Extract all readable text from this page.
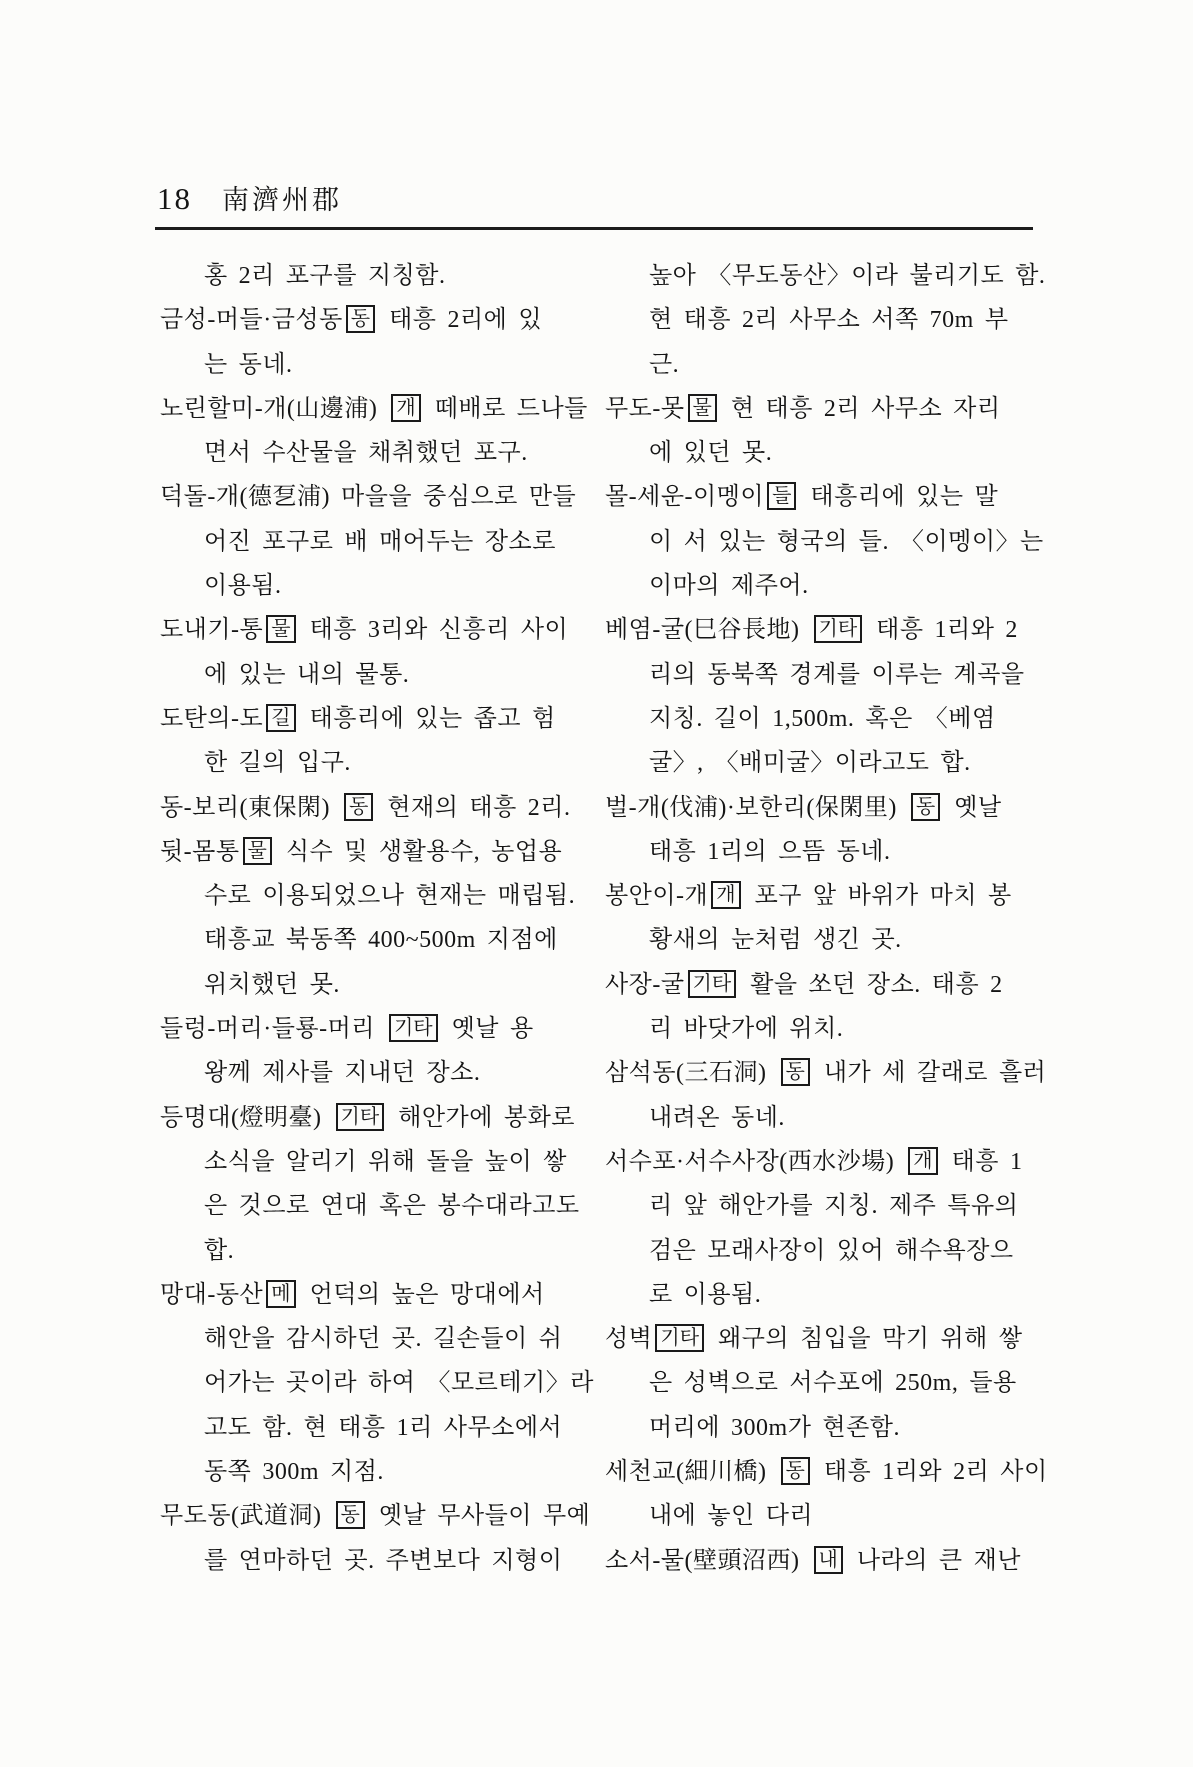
18 南濟州郡
홍 2리 포구를 지칭함.
금성-머들·금성동 동 태흥 2리에 있
는 동네.
노린할미-개(山邊浦) 개 떼배로 드나들
면서 수산물을 채취했던 포구.
덕돌-개(德乭浦) 마을을 중심으로 만들
어진 포구로 배 매어두는 장소로
이용됨.
도내기-통 물 태흥 3리와 신흥리 사이
에 있는 내의 물통.
도탄의-도 길 태흥리에 있는 좁고 험
한 길의 입구.
동-보리(東保閑) 동 현재의 태흥 2리.
뒷-몸통 물 식수 및 생활용수, 농업용
수로 이용되었으나 현재는 매립됨.
태흥교 북동쪽 400~500m 지점에
위치했던 못.
들렁-머리·들룡-머리 기타 옛날 용
왕께 제사를 지내던 장소.
등명대(燈明臺) 기타 해안가에 봉화로
소식을 알리기 위해 돌을 높이 쌓
은 것으로 연대 혹은 봉수대라고도
합.
망대-동산 메 언덕의 높은 망대에서
해안을 감시하던 곳. 길손들이 쉬
어가는 곳이라 하여 〈모르테기〉라
고도 함. 현 태흥 1리 사무소에서
동쪽 300m 지점.
무도동(武道洞) 동 옛날 무사들이 무예
를 연마하던 곳. 주변보다 지형이
높아 〈무도동산〉이라 불리기도 함.
현 태흥 2리 사무소 서쪽 70m 부
근.
무도-못 물 현 태흥 2리 사무소 자리
에 있던 못.
몰-세운-이멩이 들 태흥리에 있는 말
이 서 있는 형국의 들. 〈이멩이〉는
이마의 제주어.
베염-굴(巳谷長地) 기타 태흥 1리와 2
리의 동북쪽 경계를 이루는 계곡을
지칭. 길이 1,500m. 혹은 〈베염
굴〉, 〈배미굴〉이라고도 합.
벌-개(伐浦)·보한리(保閑里) 동 옛날
태흥 1리의 으뜸 동네.
봉안이-개 개 포구 앞 바위가 마치 봉
황새의 눈처럼 생긴 곳.
사장-굴 기타 활을 쏘던 장소. 태흥 2
리 바닷가에 위치.
삼석동(三石洞) 동 내가 세 갈래로 흘러
내려온 동네.
서수포·서수사장(西水沙場) 개 태흥 1
리 앞 해안가를 지칭. 제주 특유의
검은 모래사장이 있어 해수욕장으
로 이용됨.
성벽 기타 왜구의 침입을 막기 위해 쌓
은 성벽으로 서수포에 250m, 들용
머리에 300m가 현존함.
세천교(細川橋) 동 태흥 1리와 2리 사이
내에 놓인 다리
소서-물(壁頭沼西) 내 나라의 큰 재난
